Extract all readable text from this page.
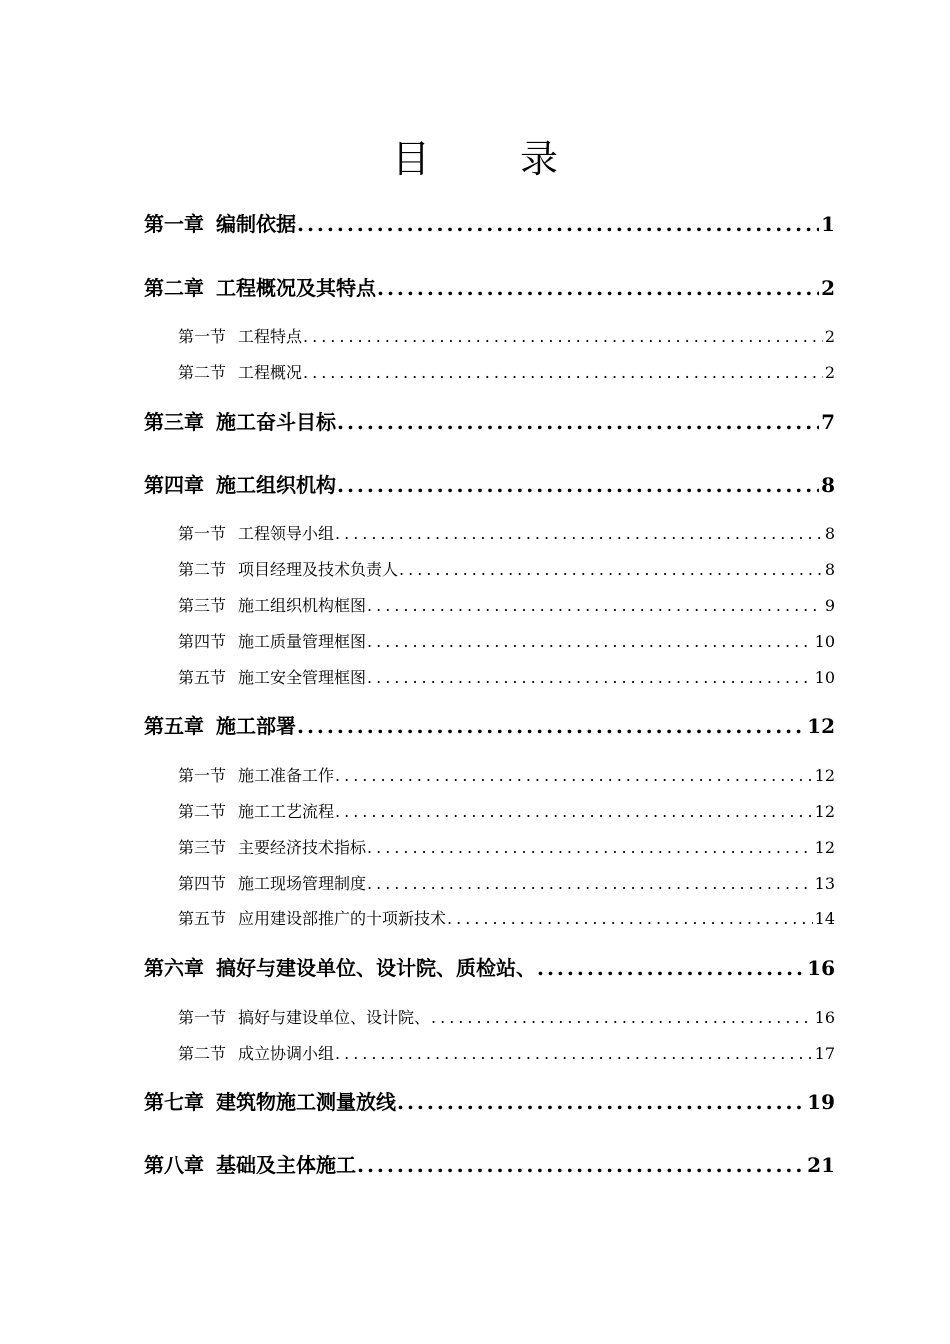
目 录
第一章 编制依据 .....	1
第二章 工程概况及其特点 .....	2
第一节 工程特点 .....	2
第二节 工程概况 .....	2
第三章 施工奋斗目标 .....	7
第四章 施工组织机构 .....	8
第一节 工程领导小组 .....	8
第二节 项目经理及技术负责人 .....	8
第三节 施工组织机构框图 .....	9
第四节 施工质量管理框图 .....	10
第五节 施工安全管理框图 .....	10
第五章 施工部署 .....	12
第一节 施工准备工作 .....	12
第二节 施工工艺流程 .....	12
第三节 主要经济技术指标 .....	12
第四节 施工现场管理制度 .....	13
第五节 应用建设部推广的十项新技术 .....	14
第六章 搞好与建设单位、设计院、质检站、 .....	16
第一节 搞好与建设单位、设计院、 .....	16
第二节 成立协调小组 .....	17
第七章 建筑物施工测量放线 .....	19
第八章 基础及主体施工 .....	21
